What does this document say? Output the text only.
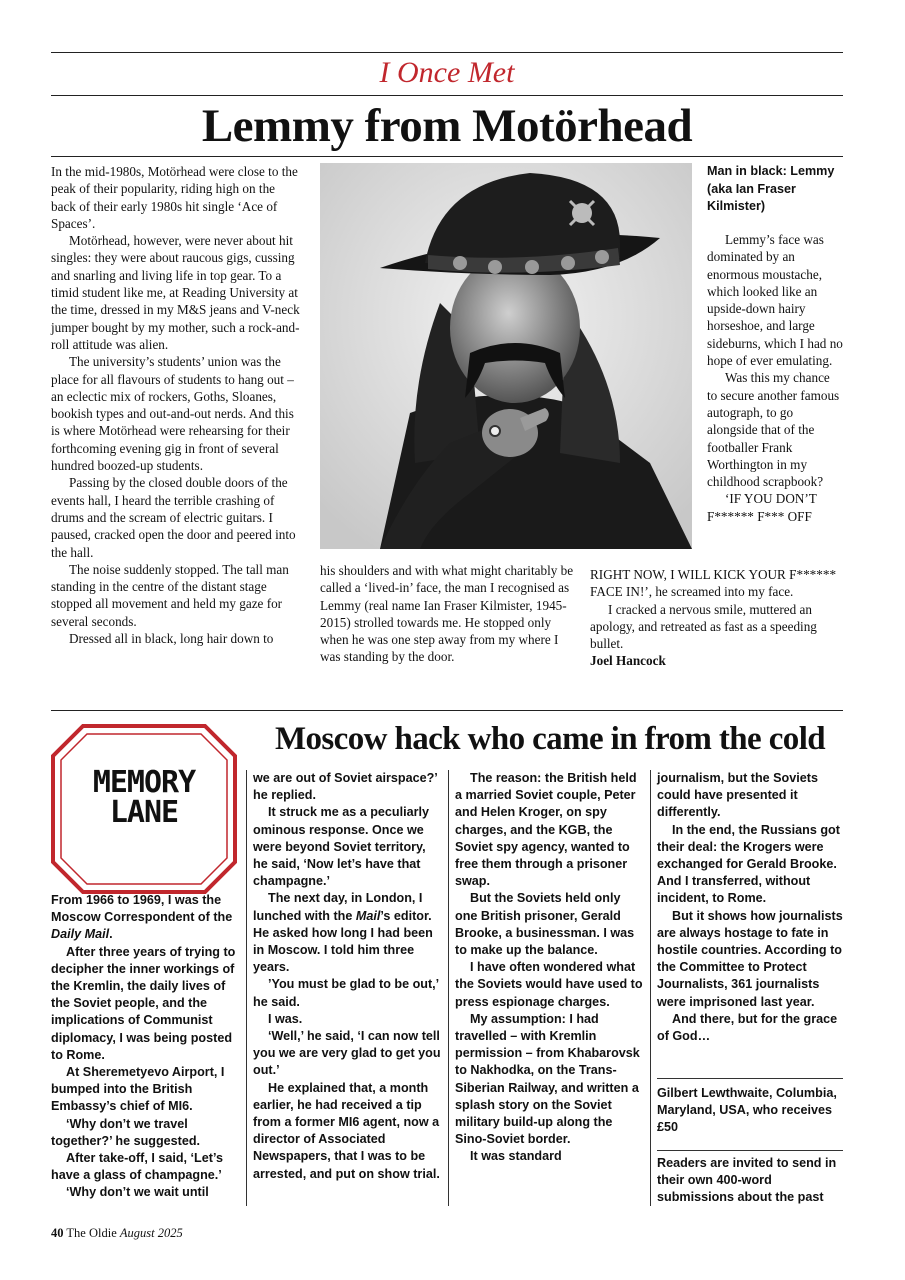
I Once Met
Lemmy from Motörhead

In the mid-1980s, Motörhead were close to the peak of their popularity, riding high on the back of their early 1980s hit single ‘Ace of Spaces’.

Motörhead, however, were never about hit singles: they were about raucous gigs, cussing and snarling and living life in top gear. To a timid student like me, at Reading University at the time, dressed in my M&S jeans and V-neck jumper bought by my mother, such a rock-and-roll attitude was alien.

The university’s students’ union was the place for all flavours of students to hang out – an eclectic mix of rockers, Goths, Sloanes, bookish types and out-and-out nerds. And this is where Motörhead were rehearsing for their forthcoming evening gig in front of several hundred boozed-up students.

Passing by the closed double doors of the events hall, I heard the terrible crashing of drums and the scream of electric guitars. I paused, cracked open the door and peered into the hall.

The noise suddenly stopped. The tall man standing in the centre of the distant stage stopped all movement and held my gaze for several seconds.

Dressed all in black, long hair down to

Man in black: Lemmy (aka Ian Fraser Kilmister)

Lemmy’s face was dominated by an enormous moustache, which looked like an upside-down hairy horseshoe, and large sideburns, which I had no hope of ever emulating.

Was this my chance to secure another famous autograph, to go alongside that of the footballer Frank Worthington in my childhood scrapbook?

‘IF YOU DON’T F****** F*** OFF

his shoulders and with what might charitably be called a ‘lived-in’ face, the man I recognised as Lemmy (real name Ian Fraser Kilmister, 1945-2015) strolled towards me. He stopped only when he was one step away from my where I was standing by the door.

RIGHT NOW, I WILL KICK YOUR F****** FACE IN!’, he screamed into my face.

I cracked a nervous smile, muttered an apology, and retreated as fast as a speeding bullet.

Joel Hancock

MEMORY
LANE
Moscow hack who came in from the cold

From 1966 to 1969, I was the Moscow Correspondent of the Daily Mail.

After three years of trying to decipher the inner workings of the Kremlin, the daily lives of the Soviet people, and the implications of Communist diplomacy, I was being posted to Rome.

At Sheremetyevo Airport, I bumped into the British Embassy’s chief of MI6.

‘Why don’t we travel together?’ he suggested.

After take-off, I said, ‘Let’s have a glass of champagne.’

‘Why don’t we wait until

we are out of Soviet airspace?’ he replied.

It struck me as a peculiarly ominous response. Once we were beyond Soviet territory, he said, ‘Now let’s have that champagne.’

The next day, in London, I lunched with the Mail’s editor. He asked how long I had been in Moscow. I told him three years.

’You must be glad to be out,’ he said.

I was.

‘Well,’ he said, ‘I can now tell you we are very glad to get you out.’

He explained that, a month earlier, he had received a tip from a former MI6 agent, now a director of Associated Newspapers, that I was to be arrested, and put on show trial.

The reason: the British held a married Soviet couple, Peter and Helen Kroger, on spy charges, and the KGB, the Soviet spy agency, wanted to free them through a prisoner swap.

But the Soviets held only one British prisoner, Gerald Brooke, a businessman. I was to make up the balance.

I have often wondered what the Soviets would have used to press espionage charges.

My assumption: I had travelled – with Kremlin permission – from Khabarovsk to Nakhodka, on the Trans-Siberian Railway, and written a splash story on the Soviet military build-up along the Sino-Soviet border.

It was standard

journalism, but the Soviets could have presented it differently.

In the end, the Russians got their deal: the Krogers were exchanged for Gerald Brooke. And I transferred, without incident, to Rome.

But it shows how journalists are always hostage to fate in hostile countries. According to the Committee to Protect Journalists, 361 journalists were imprisoned last year.

And there, but for the grace of God…

Gilbert Lewthwaite, Columbia, Maryland, USA, who receives £50
Readers are invited to send in their own 400-word submissions about the past
40 The Oldie August 2025
